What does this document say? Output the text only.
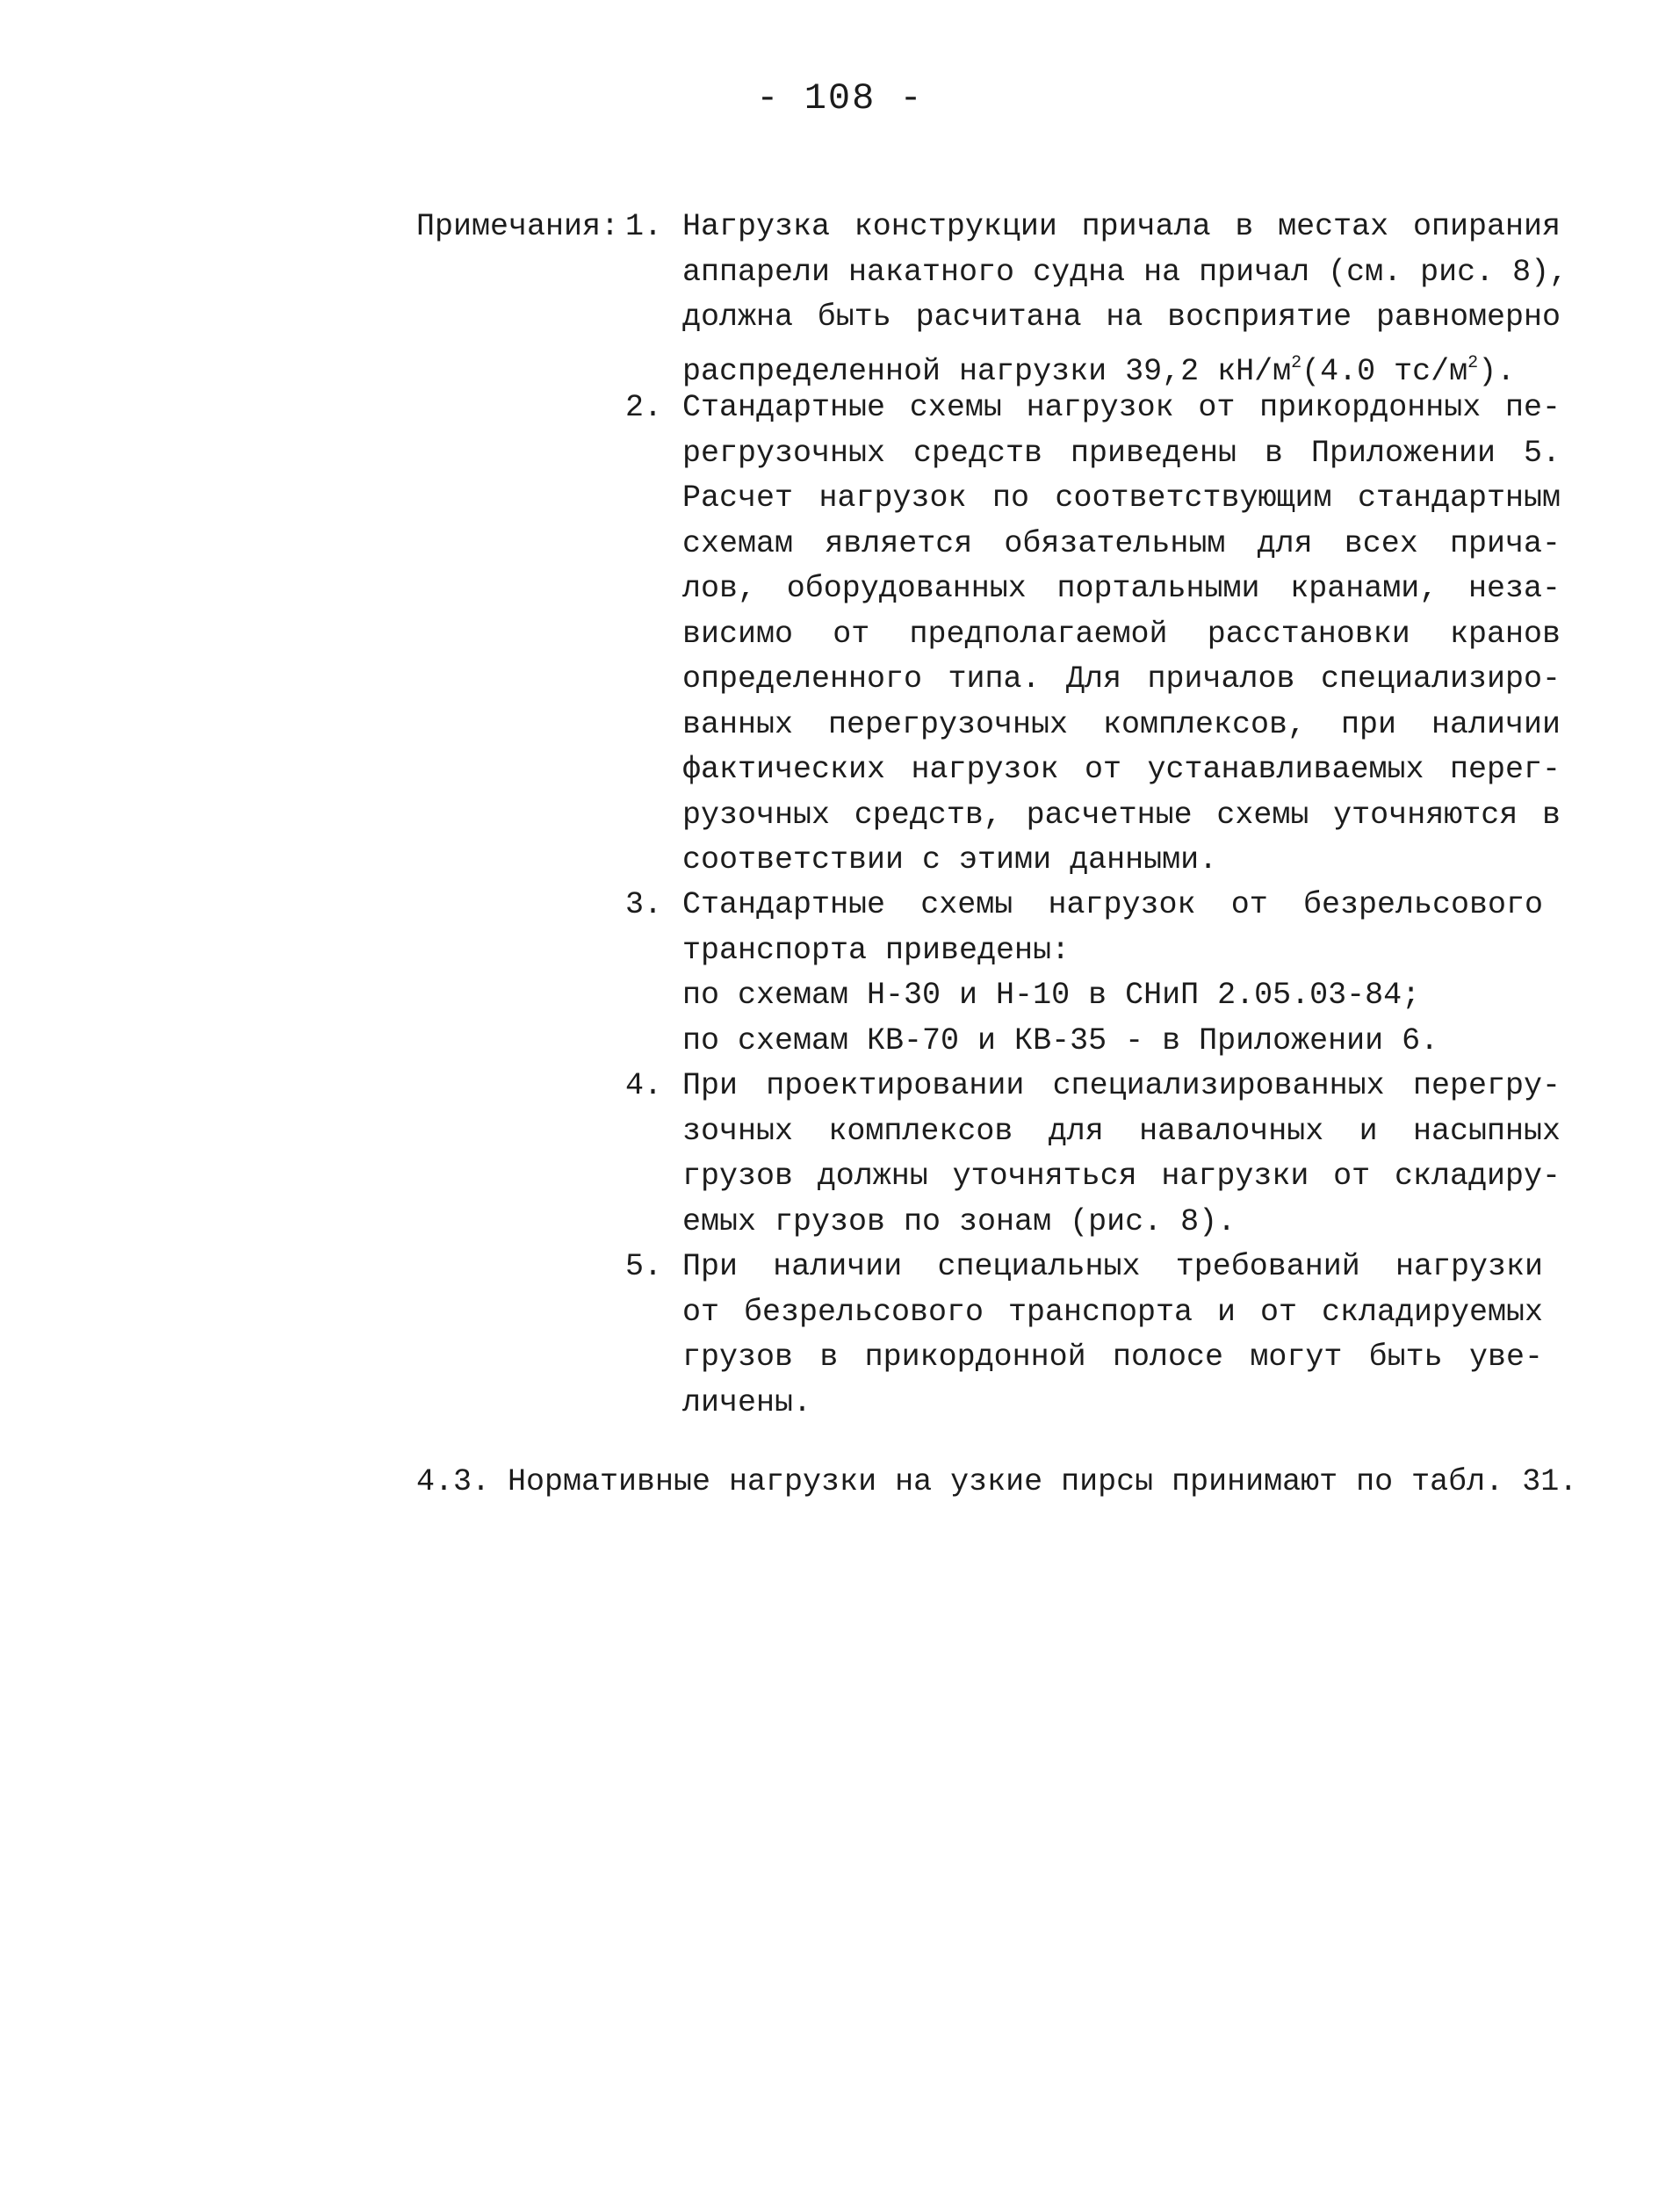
- 108 -
Примечания: 1. Нагрузка конструкции причала в местах опирания
аппарели накатного судна на причал (см. рис. 8),
должна быть расчитана на восприятие равномерно
распределенной нагрузки 39,2 $кН/м^2(4.0$ $тс/м^2$).
2. Стандартные схемы нагрузок от прикордонных пе-
регрузочных средств приведены в Приложении 5.
Расчет нагрузок по соответствующим стандартным
схемам является обязательным для всех прича-
лов, оборудованных портальными кранами, неза-
висимо от предполагаемой расстановки кранов
определенного типа. Для причалов специализиро-
ванных перегрузочных комплексов, при наличии
фактических нагрузок от устанавливаемых перег-
рузочных средств, расчетные схемы уточняются в
соответствии с этими данными.
3. Стандартные схемы нагрузок от безрельсового
транспорта приведены:
по схемам Н-30 и Н-10 в СНиП 2.05.03-84;
по схемам КВ-70 и КВ-35 - в Приложении 6.
4. При проектировании специализированных перегру-
зочных комплексов для навалочных и насыпных
грузов должны уточняться нагрузки от складиру-
емых грузов по зонам (рис. 8).
5. При наличии специальных требований нагрузки
от безрельсового транспорта и от складируемых
грузов в прикордонной полосе могут быть уве-
личены.
4.3. Нормативные нагрузки на узкие пирсы принимают по табл. 31.
